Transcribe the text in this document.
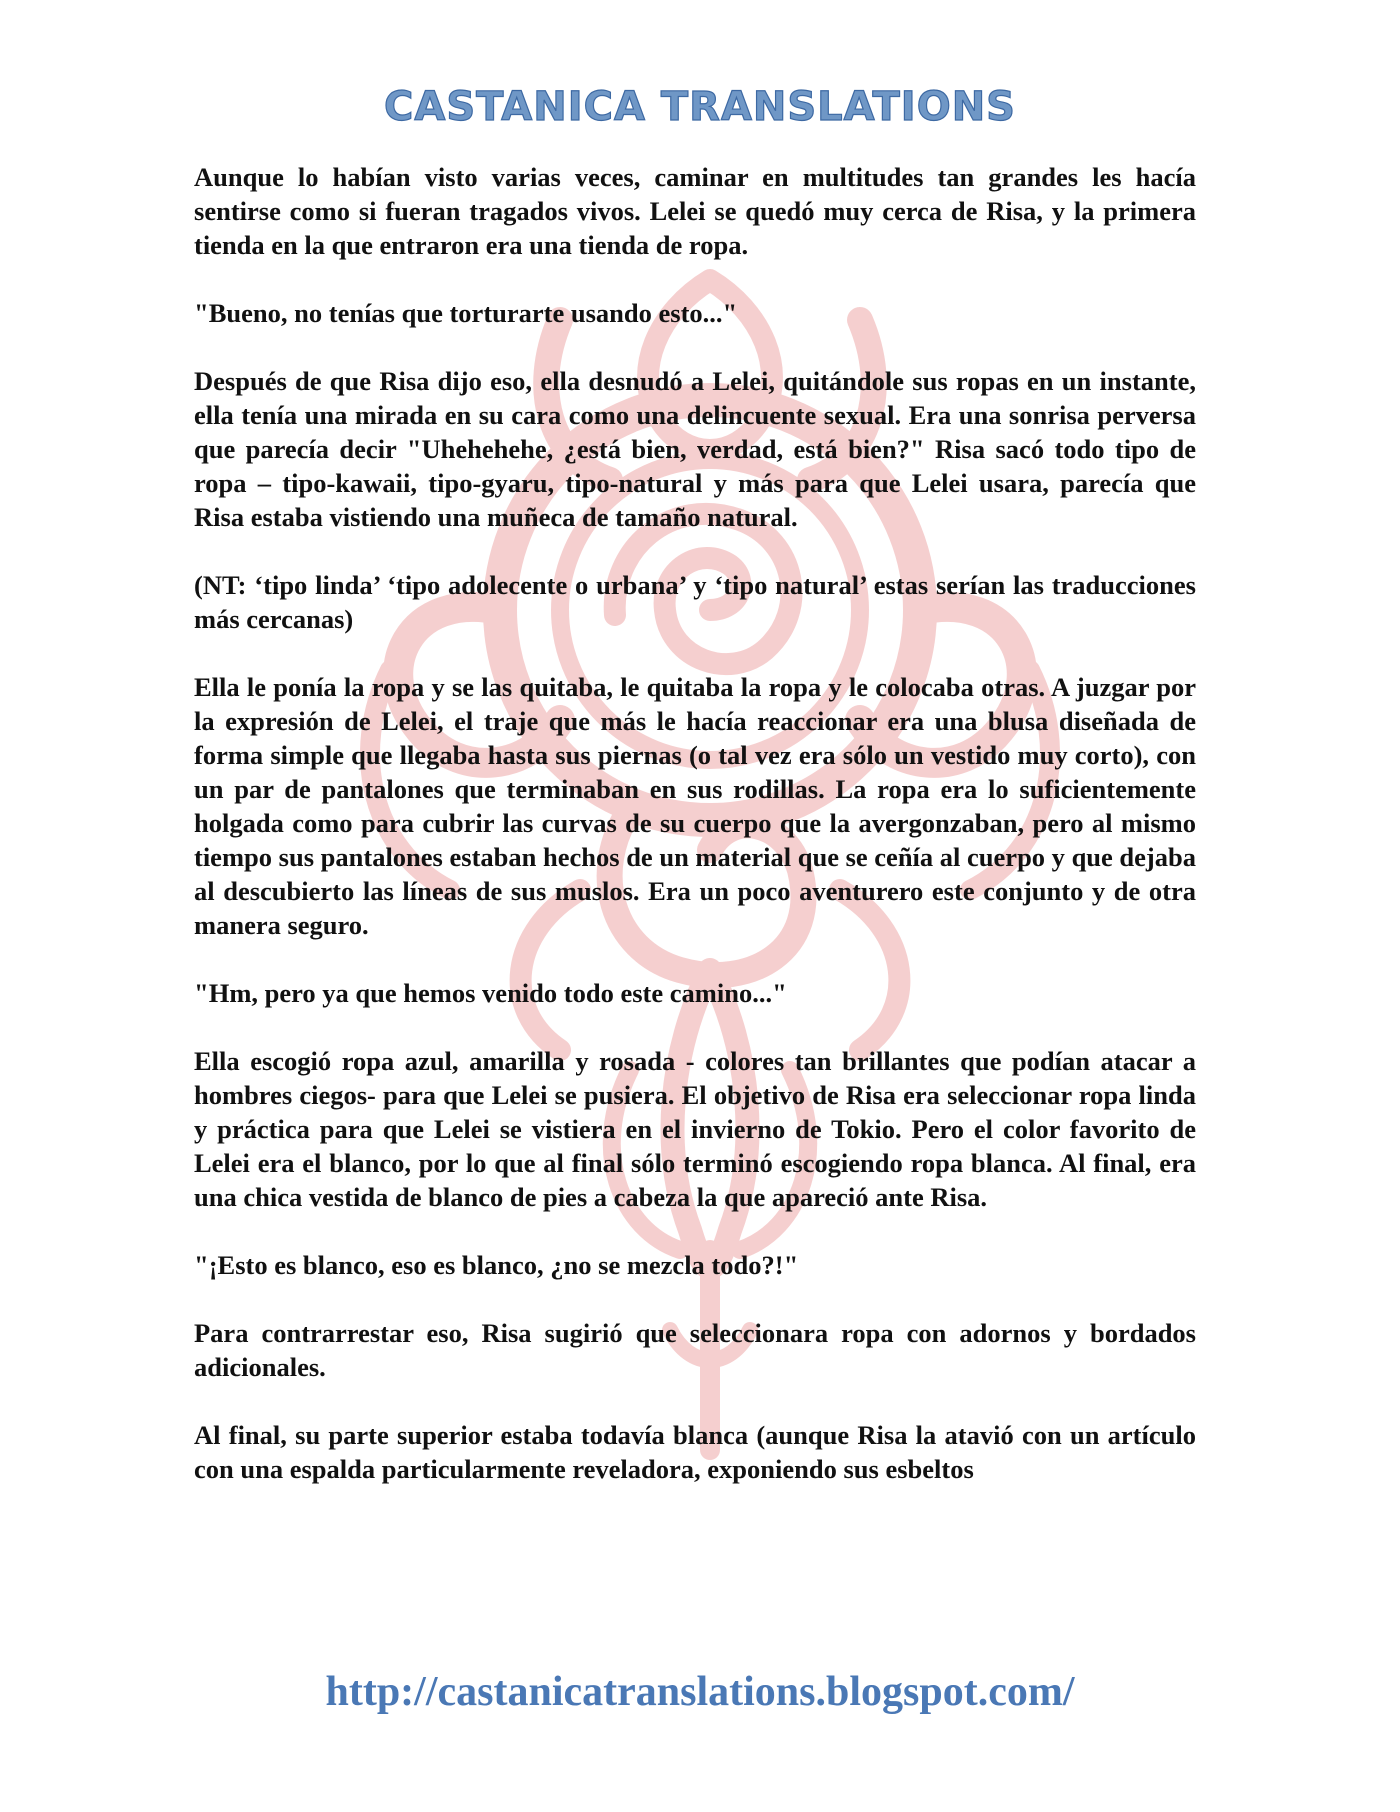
CASTANICA TRANSLATIONS

Aunque lo habían visto varias veces, caminar en multitudes tan grandes les hacía sentirse como si fueran tragados vivos. Lelei se quedó muy cerca de Risa, y la primera tienda en la que entraron era una tienda de ropa.

"Bueno, no tenías que torturarte usando esto..."

Después de que Risa dijo eso, ella desnudó a Lelei, quitándole sus ropas en un instante, ella tenía una mirada en su cara como una delincuente sexual. Era una sonrisa perversa que parecía decir "Uhehehehe, ¿está bien, verdad, está bien?" Risa sacó todo tipo de ropa – tipo-kawaii, tipo-gyaru, tipo-natural y más para que Lelei usara, parecía que Risa estaba vistiendo una muñeca de tamaño natural.

(NT: ‘tipo linda’ ‘tipo adolecente o urbana’ y ‘tipo natural’ estas serían las traducciones más cercanas)

Ella le ponía la ropa y se las quitaba, le quitaba la ropa y le colocaba otras. A juzgar por la expresión de Lelei, el traje que más le hacía reaccionar era una blusa diseñada de forma simple que llegaba hasta sus piernas (o tal vez era sólo un vestido muy corto), con un par de pantalones que terminaban en sus rodillas. La ropa era lo suficientemente holgada como para cubrir las curvas de su cuerpo que la avergonzaban, pero al mismo tiempo sus pantalones estaban hechos de un material que se ceñía al cuerpo y que dejaba al descubierto las líneas de sus muslos. Era un poco aventurero este conjunto y de otra manera seguro.

"Hm, pero ya que hemos venido todo este camino..."

Ella escogió ropa azul, amarilla y rosada - colores tan brillantes que podían atacar a hombres ciegos- para que Lelei se pusiera. El objetivo de Risa era seleccionar ropa linda y práctica para que Lelei se vistiera en el invierno de Tokio. Pero el color favorito de Lelei era el blanco, por lo que al final sólo terminó escogiendo ropa blanca. Al final, era una chica vestida de blanco de pies a cabeza la que apareció ante Risa.

"¡Esto es blanco, eso es blanco, ¿no se mezcla todo?!"

Para contrarrestar eso, Risa sugirió que seleccionara ropa con adornos y bordados adicionales.

Al final, su parte superior estaba todavía blanca (aunque Risa la atavió con un artículo con una espalda particularmente reveladora, exponiendo sus esbeltos

http://castanicatranslations.blogspot.com/
